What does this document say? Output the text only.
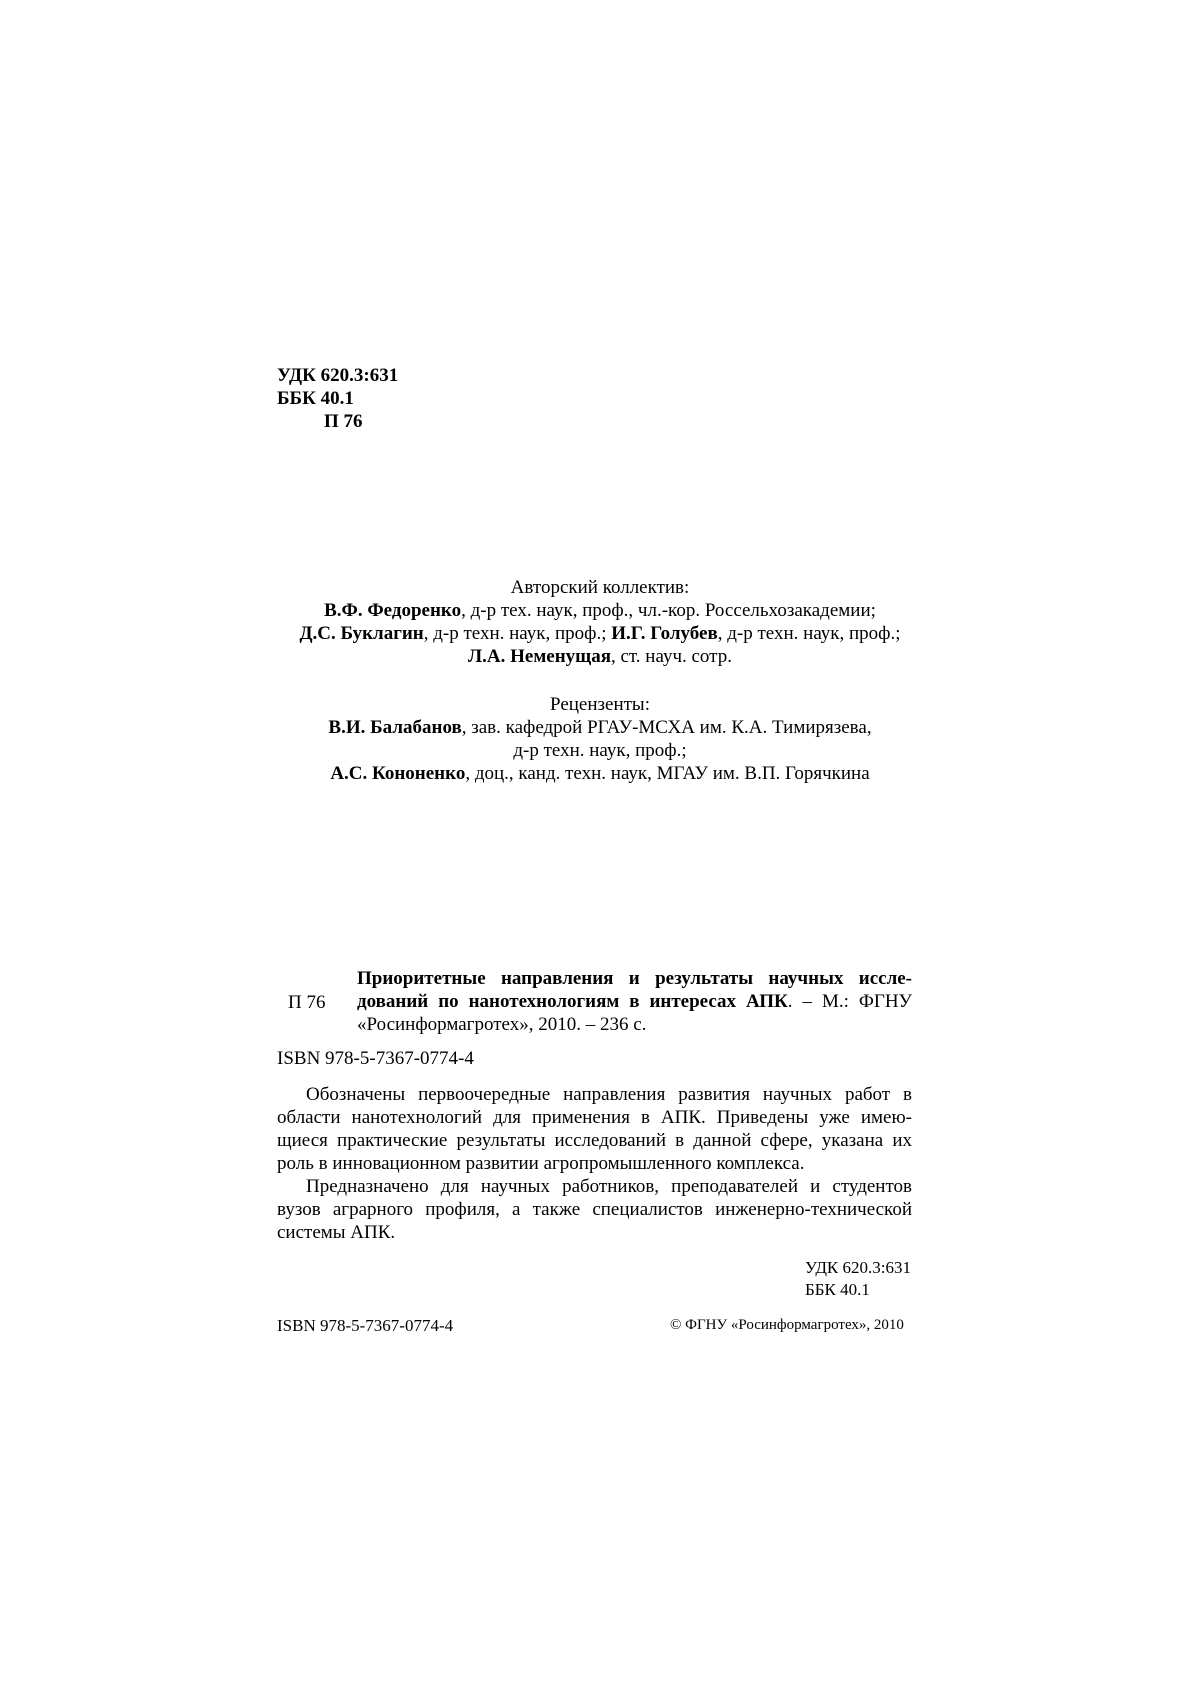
УДК 620.3:631
ББК 40.1
П 76
Авторский коллектив:
В.Ф. Федоренко, д-р тех. наук, проф., чл.-кор. Россельхозакадемии;
Д.С. Буклагин, д-р техн. наук, проф.; И.Г. Голубев, д-р техн. наук, проф.;
Л.А. Неменущая, ст. науч. сотр.
Рецензенты:
В.И. Балабанов, зав. кафедрой РГАУ-МСХА им. К.А. Тимирязева,
д-р техн. наук, проф.;
А.С. Кононенко, доц., канд. техн. наук, МГАУ им. В.П. Горячкина
П 76
Приоритетные направления и результаты научных иссле-
дований по нанотехнологиям в интересах АПК. – М.: ФГНУ
«Росинформагротех», 2010. – 236 с.
ISBN 978-5-7367-0774-4
Обозначены первоочередные направления развития научных работ в
области нанотехнологий для применения в АПК. Приведены уже имею-
щиеся практические результаты исследований в данной сфере, указана их
роль в инновационном развитии агропромышленного комплекса.
Предназначено для научных работников, преподавателей и студентов
вузов аграрного профиля, а также специалистов инженерно-технической
системы АПК.
УДК 620.3:631
ББК 40.1
ISBN 978-5-7367-0774-4	© ФГНУ «Росинформагротех», 2010
